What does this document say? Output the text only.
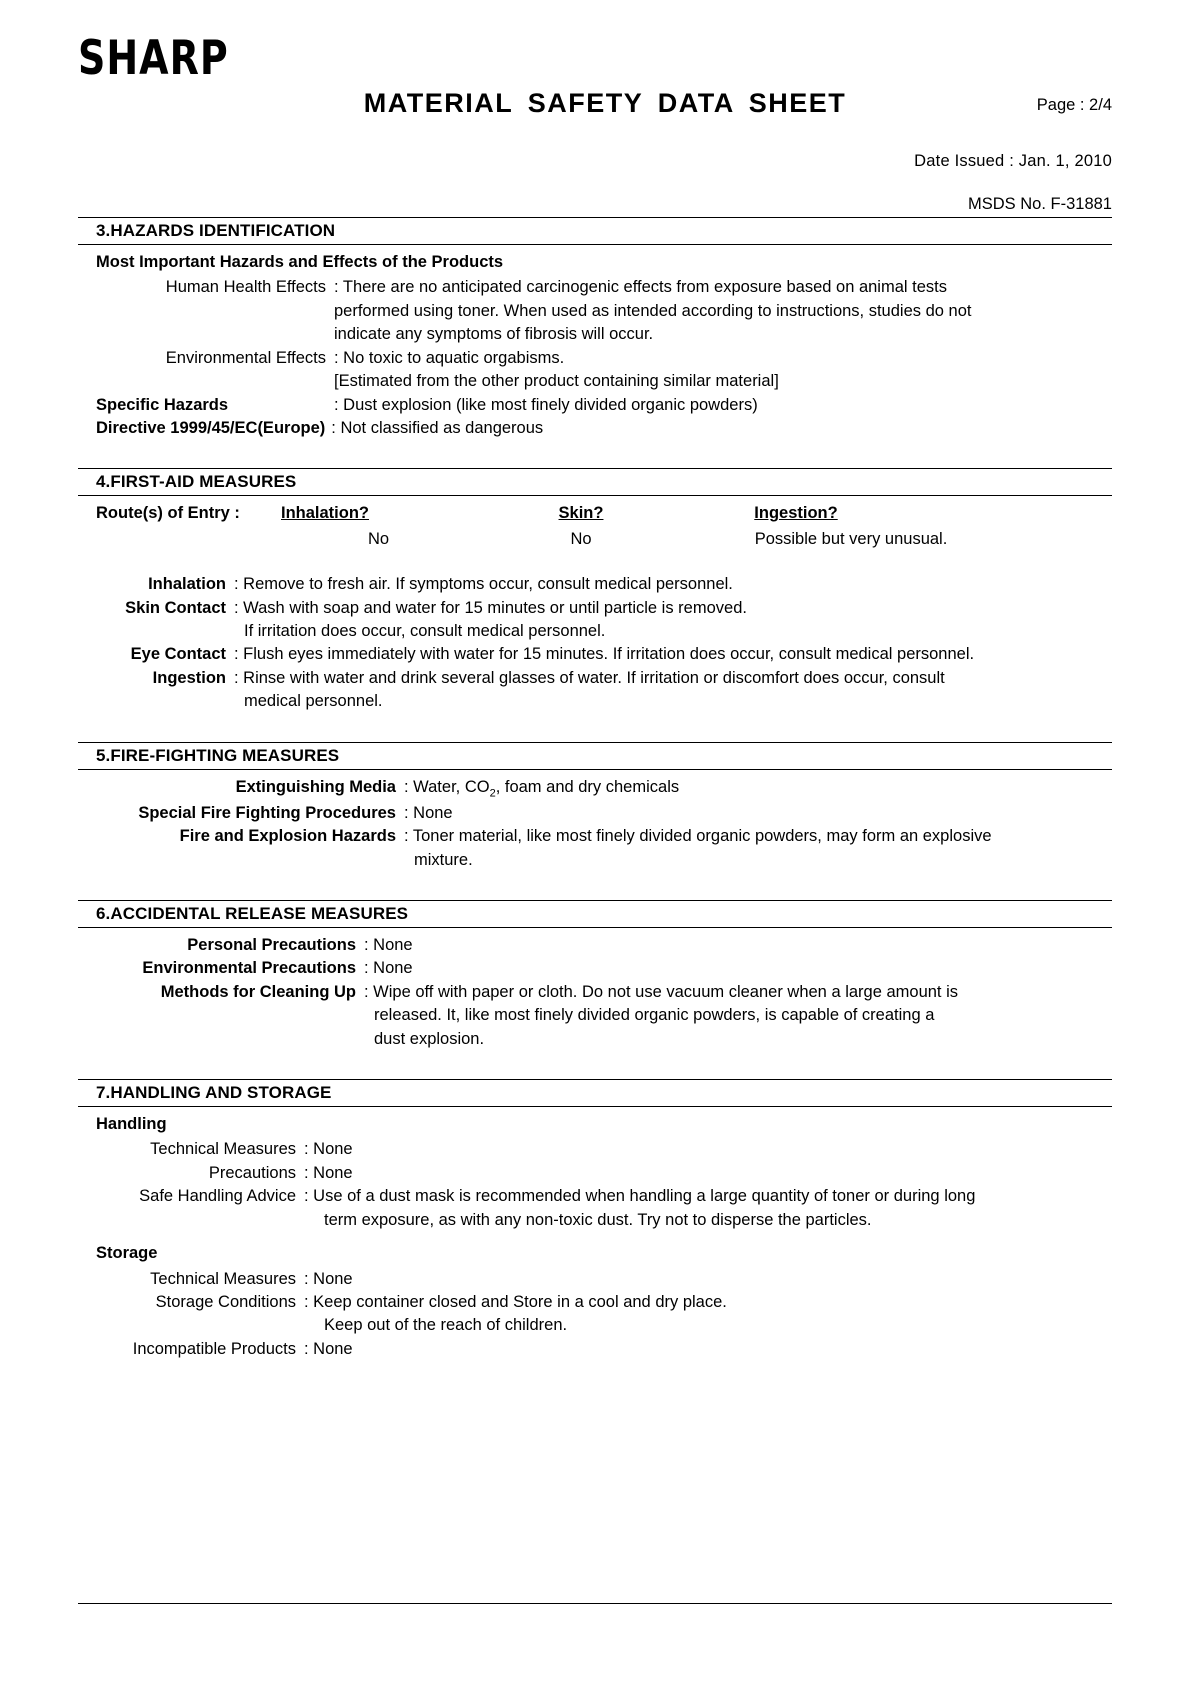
SHARP
MATERIAL SAFETY DATA SHEET	Page : 2/4
Date Issued : Jan. 1, 2010
MSDS No. F-31881
3.HAZARDS IDENTIFICATION
Most Important Hazards and Effects of the Products
Human Health Effects : There are no anticipated carcinogenic effects from exposure based on animal tests
performed using toner. When used as intended according to instructions, studies do not
indicate any symptoms of fibrosis will occur.
Environmental Effects : No toxic to aquatic orgabisms.
[Estimated from the other product containing similar material]
Specific Hazards	: Dust explosion (like most finely divided organic powders)
Directive 1999/45/EC(Europe) : Not classified as dangerous
4.FIRST-AID MEASURES
Route(s) of Entry :	Inhalation?	Skin?	Ingestion?
No	No	Possible but very unusual.
Inhalation : Remove to fresh air. If symptoms occur, consult medical personnel.
Skin Contact : Wash with soap and water for 15 minutes or until particle is removed.
If irritation does occur, consult medical personnel.
Eye Contact : Flush eyes immediately with water for 15 minutes. If irritation does occur, consult medical personnel.
Ingestion : Rinse with water and drink several glasses of water. If irritation or discomfort does occur, consult
medical personnel.
5.FIRE-FIGHTING MEASURES
Extinguishing Media : Water, $CO_2$, foam and dry chemicals
Special Fire Fighting Procedures : None
Fire and Explosion Hazards : Toner material, like most finely divided organic powders, may form an explosive
mixture.
6.ACCIDENTAL RELEASE MEASURES
Personal Precautions : None
Environmental Precautions : None
Methods for Cleaning Up : Wipe off with paper or cloth. Do not use vacuum cleaner when a large amount is
released. It, like most finely divided organic powders, is capable of creating a
dust explosion.
7.HANDLING AND STORAGE
Handling
Technical Measures : None
Precautions : None
Safe Handling Advice : Use of a dust mask is recommended when handling a large quantity of toner or during long
term exposure, as with any non-toxic dust. Try not to disperse the particles.
Storage
Technical Measures : None
Storage Conditions : Keep container closed and Store in a cool and dry place.
Keep out of the reach of children.
Incompatible Products : None
